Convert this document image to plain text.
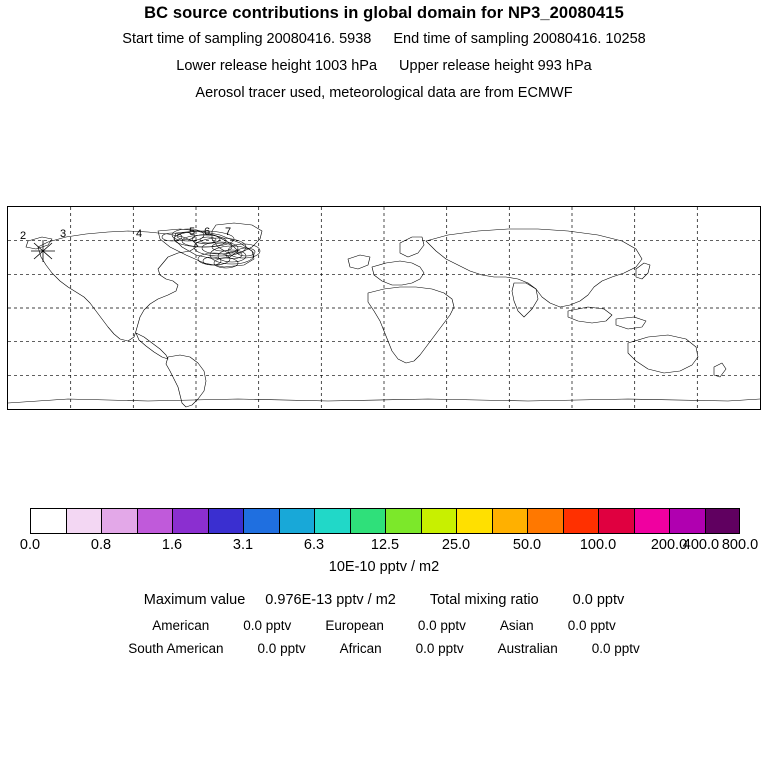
BC source contributions in global domain for NP3_20080415
Start time of sampling 20080416. 5938 End time of sampling 20080416. 10258
Lower release height 1003 hPa Upper release height 993 hPa
Aerosol tracer used, meteorological data are from ECMWF
2	3	4	5 6 7
0.0	0.8	1.6	3.1	6.3	12.5	25.0	50.0	100.0 200.0
400.0 800.0
10E-10 pptv / m2
Maximum value 0.976E-13 pptv / m2 Total mixing ratio 0.0 pptv
American	0.0 pptv	European	0.0 pptv	Asian	0.0 pptv
South American	0.0 pptv	African	0.0 pptv	Australian	0.0 pptv
